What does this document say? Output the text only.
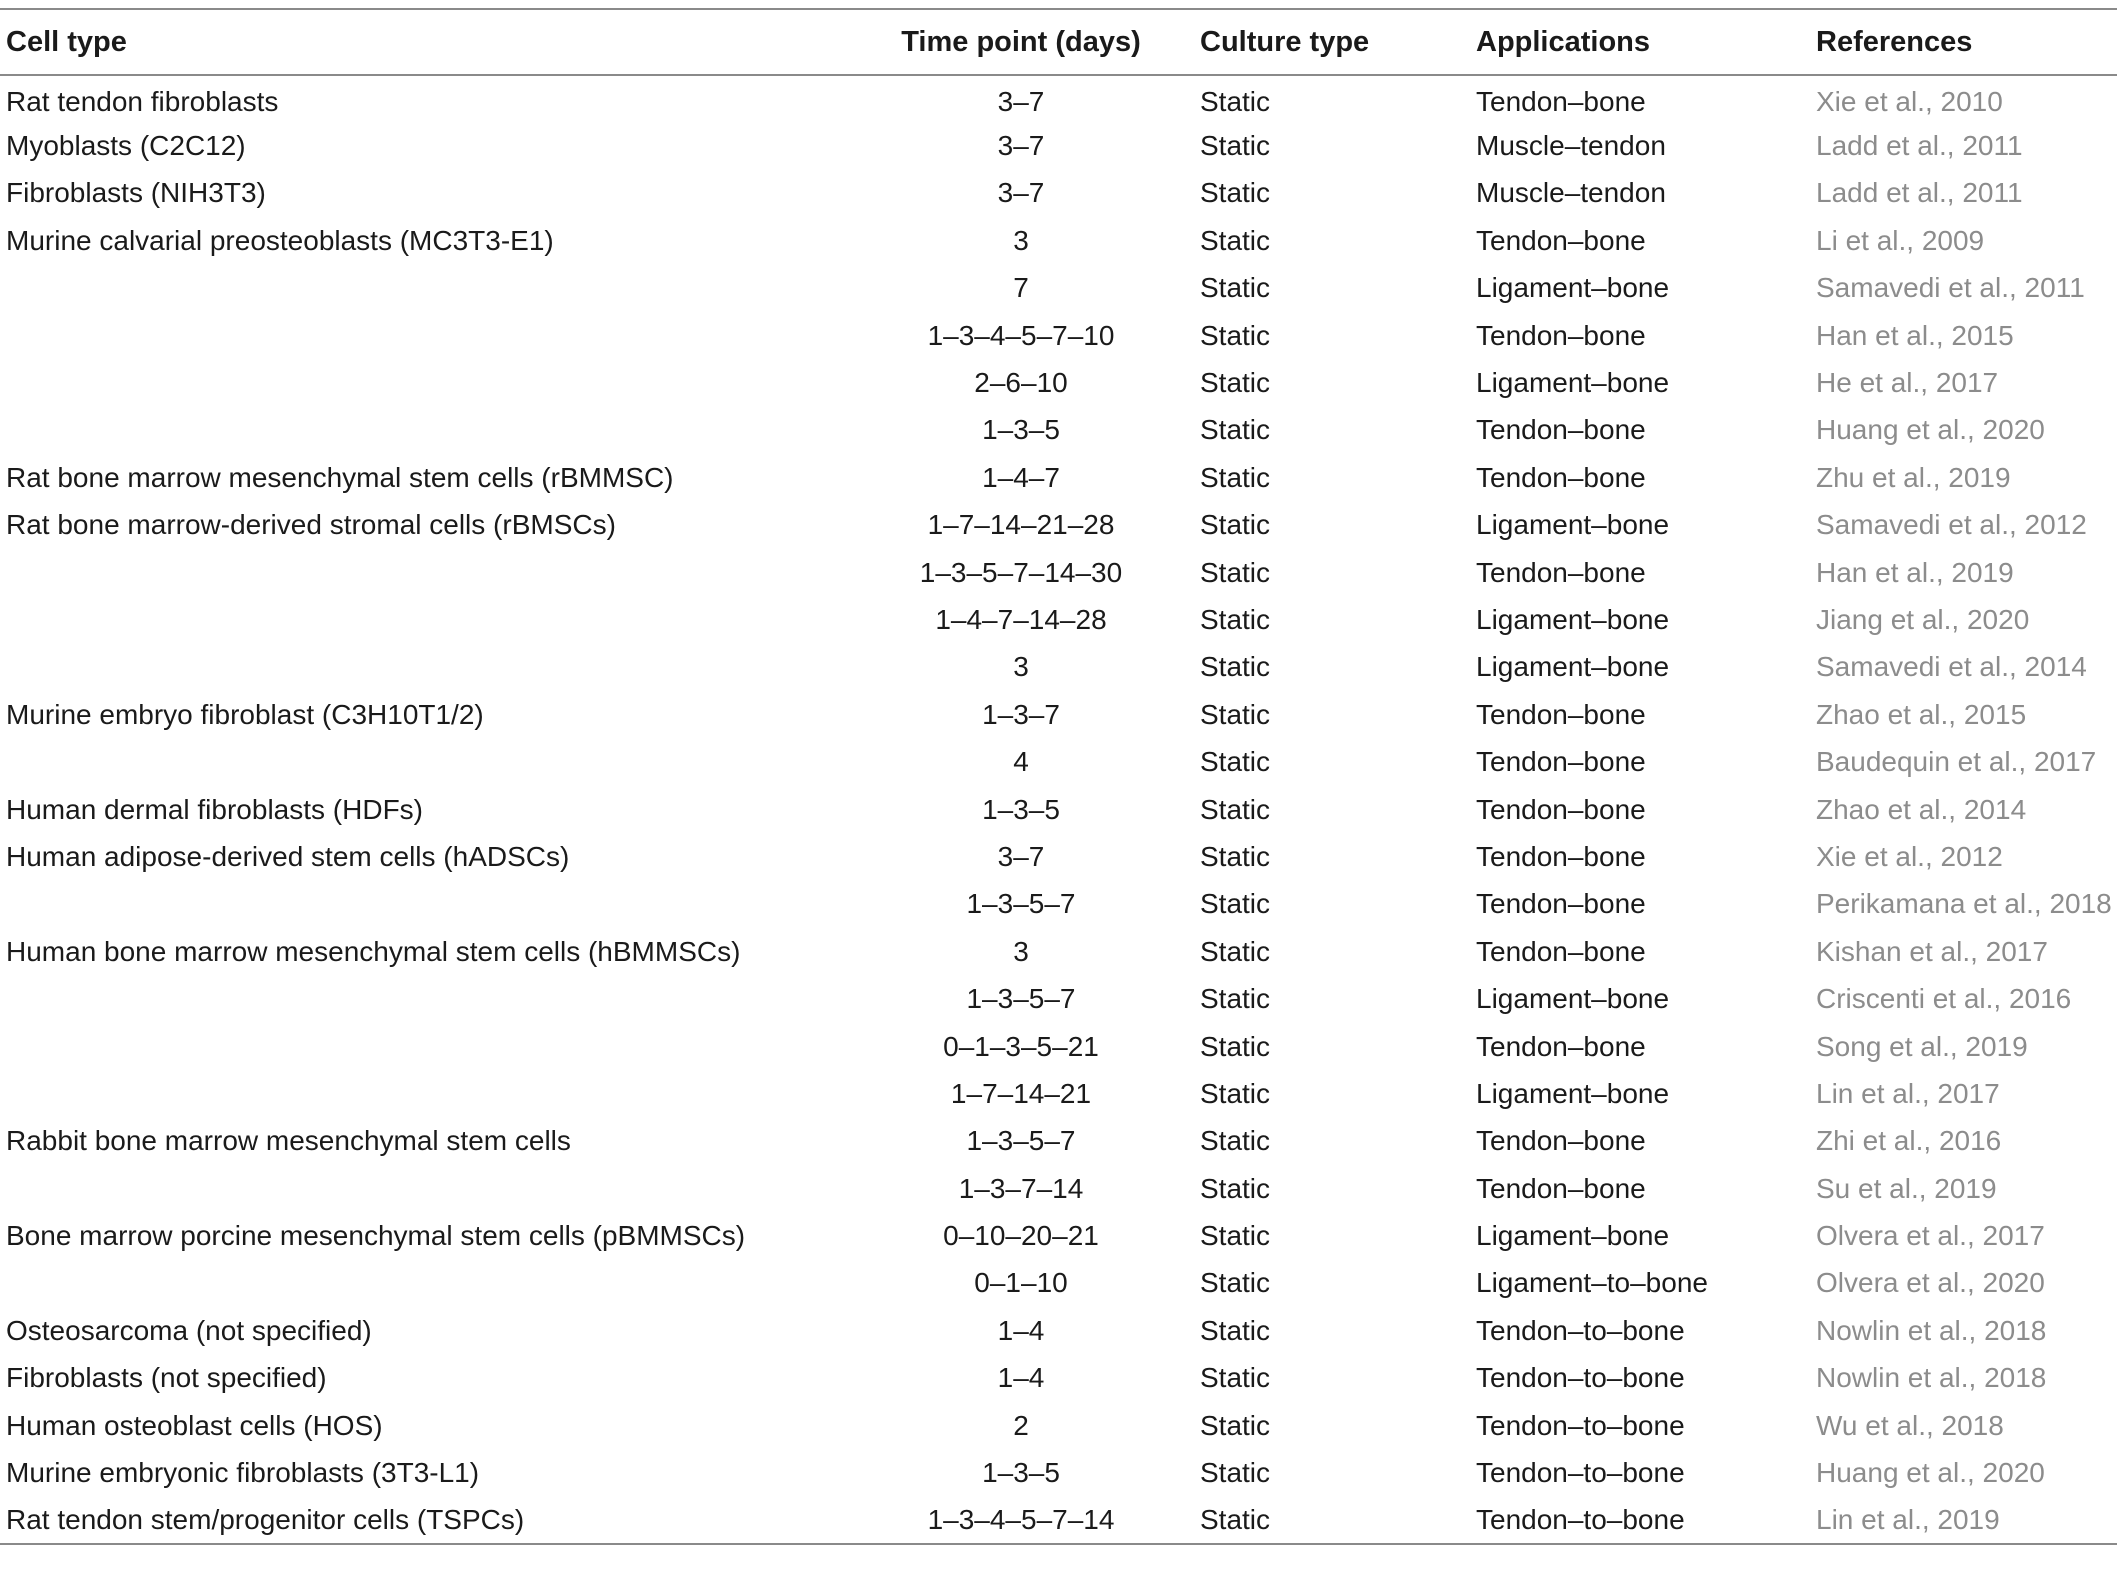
Cell type	Time point (days)	Culture type	Applications	References
Rat tendon fibroblasts	3–7	Static	Tendon–bone	Xie et al., 2010
Myoblasts (C2C12)	3–7	Static	Muscle–tendon	Ladd et al., 2011
Fibroblasts (NIH3T3)	3–7	Static	Muscle–tendon	Ladd et al., 2011
Murine calvarial preosteoblasts (MC3T3-E1)	3	Static	Tendon–bone	Li et al., 2009
	7	Static	Ligament–bone	Samavedi et al., 2011
	1–3–4–5–7–10	Static	Tendon–bone	Han et al., 2015
	2–6–10	Static	Ligament–bone	He et al., 2017
	1–3–5	Static	Tendon–bone	Huang et al., 2020
Rat bone marrow mesenchymal stem cells (rBMMSC)	1–4–7	Static	Tendon–bone	Zhu et al., 2019
Rat bone marrow-derived stromal cells (rBMSCs)	1–7–14–21–28	Static	Ligament–bone	Samavedi et al., 2012
	1–3–5–7–14–30	Static	Tendon–bone	Han et al., 2019
	1–4–7–14–28	Static	Ligament–bone	Jiang et al., 2020
	3	Static	Ligament–bone	Samavedi et al., 2014
Murine embryo fibroblast (C3H10T1/2)	1–3–7	Static	Tendon–bone	Zhao et al., 2015
	4	Static	Tendon–bone	Baudequin et al., 2017
Human dermal fibroblasts (HDFs)	1–3–5	Static	Tendon–bone	Zhao et al., 2014
Human adipose-derived stem cells (hADSCs)	3–7	Static	Tendon–bone	Xie et al., 2012
	1–3–5–7	Static	Tendon–bone	Perikamana et al., 2018
Human bone marrow mesenchymal stem cells (hBMMSCs)	3	Static	Tendon–bone	Kishan et al., 2017
	1–3–5–7	Static	Ligament–bone	Criscenti et al., 2016
	0–1–3–5–21	Static	Tendon–bone	Song et al., 2019
	1–7–14–21	Static	Ligament–bone	Lin et al., 2017
Rabbit bone marrow mesenchymal stem cells	1–3–5–7	Static	Tendon–bone	Zhi et al., 2016
	1–3–7–14	Static	Tendon–bone	Su et al., 2019
Bone marrow porcine mesenchymal stem cells (pBMMSCs)	0–10–20–21	Static	Ligament–bone	Olvera et al., 2017
	0–1–10	Static	Ligament–to–bone	Olvera et al., 2020
Osteosarcoma (not specified)	1–4	Static	Tendon–to–bone	Nowlin et al., 2018
Fibroblasts (not specified)	1–4	Static	Tendon–to–bone	Nowlin et al., 2018
Human osteoblast cells (HOS)	2	Static	Tendon–to–bone	Wu et al., 2018
Murine embryonic fibroblasts (3T3-L1)	1–3–5	Static	Tendon–to–bone	Huang et al., 2020
Rat tendon stem/progenitor cells (TSPCs)	1–3–4–5–7–14	Static	Tendon–to–bone	Lin et al., 2019
